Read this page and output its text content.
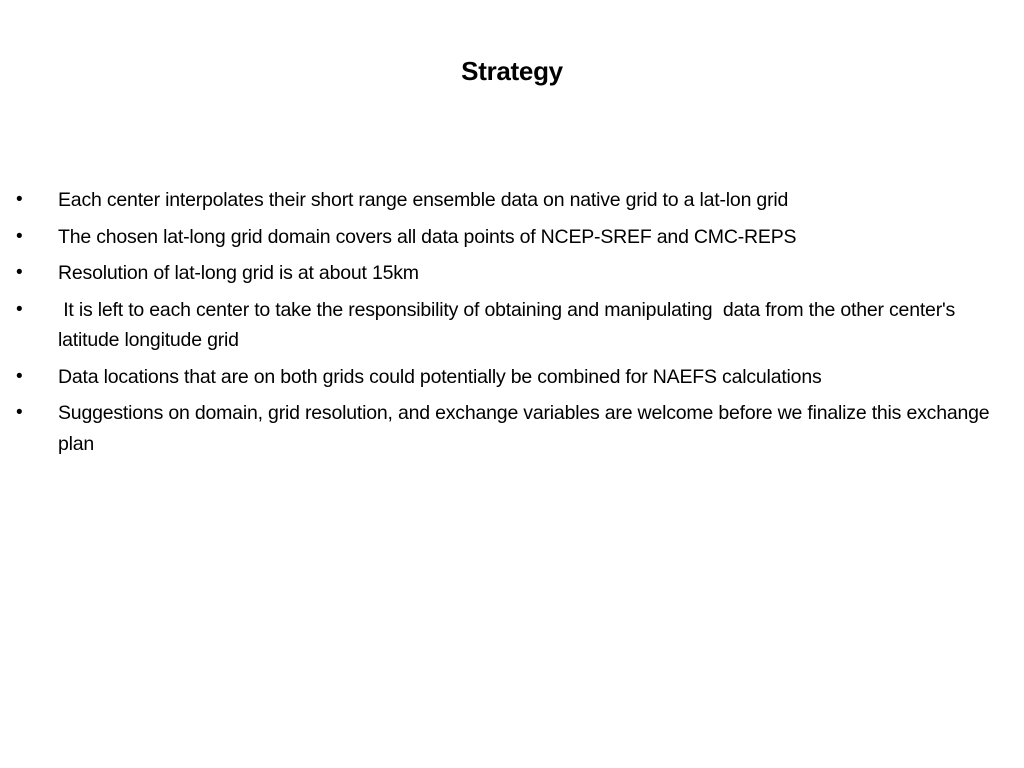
Strategy
• Each center interpolates their short range ensemble data on native grid to a lat-lon grid
• The chosen lat-long grid domain covers all data points of NCEP-SREF and CMC-REPS
• Resolution of lat-long grid is at about 15km
• It is left to each center to take the responsibility of obtaining and manipulating  data from the other center's latitude longitude grid
• Data locations that are on both grids could potentially be combined for NAEFS calculations
• Suggestions on domain, grid resolution, and exchange variables are welcome before we finalize this exchange plan
